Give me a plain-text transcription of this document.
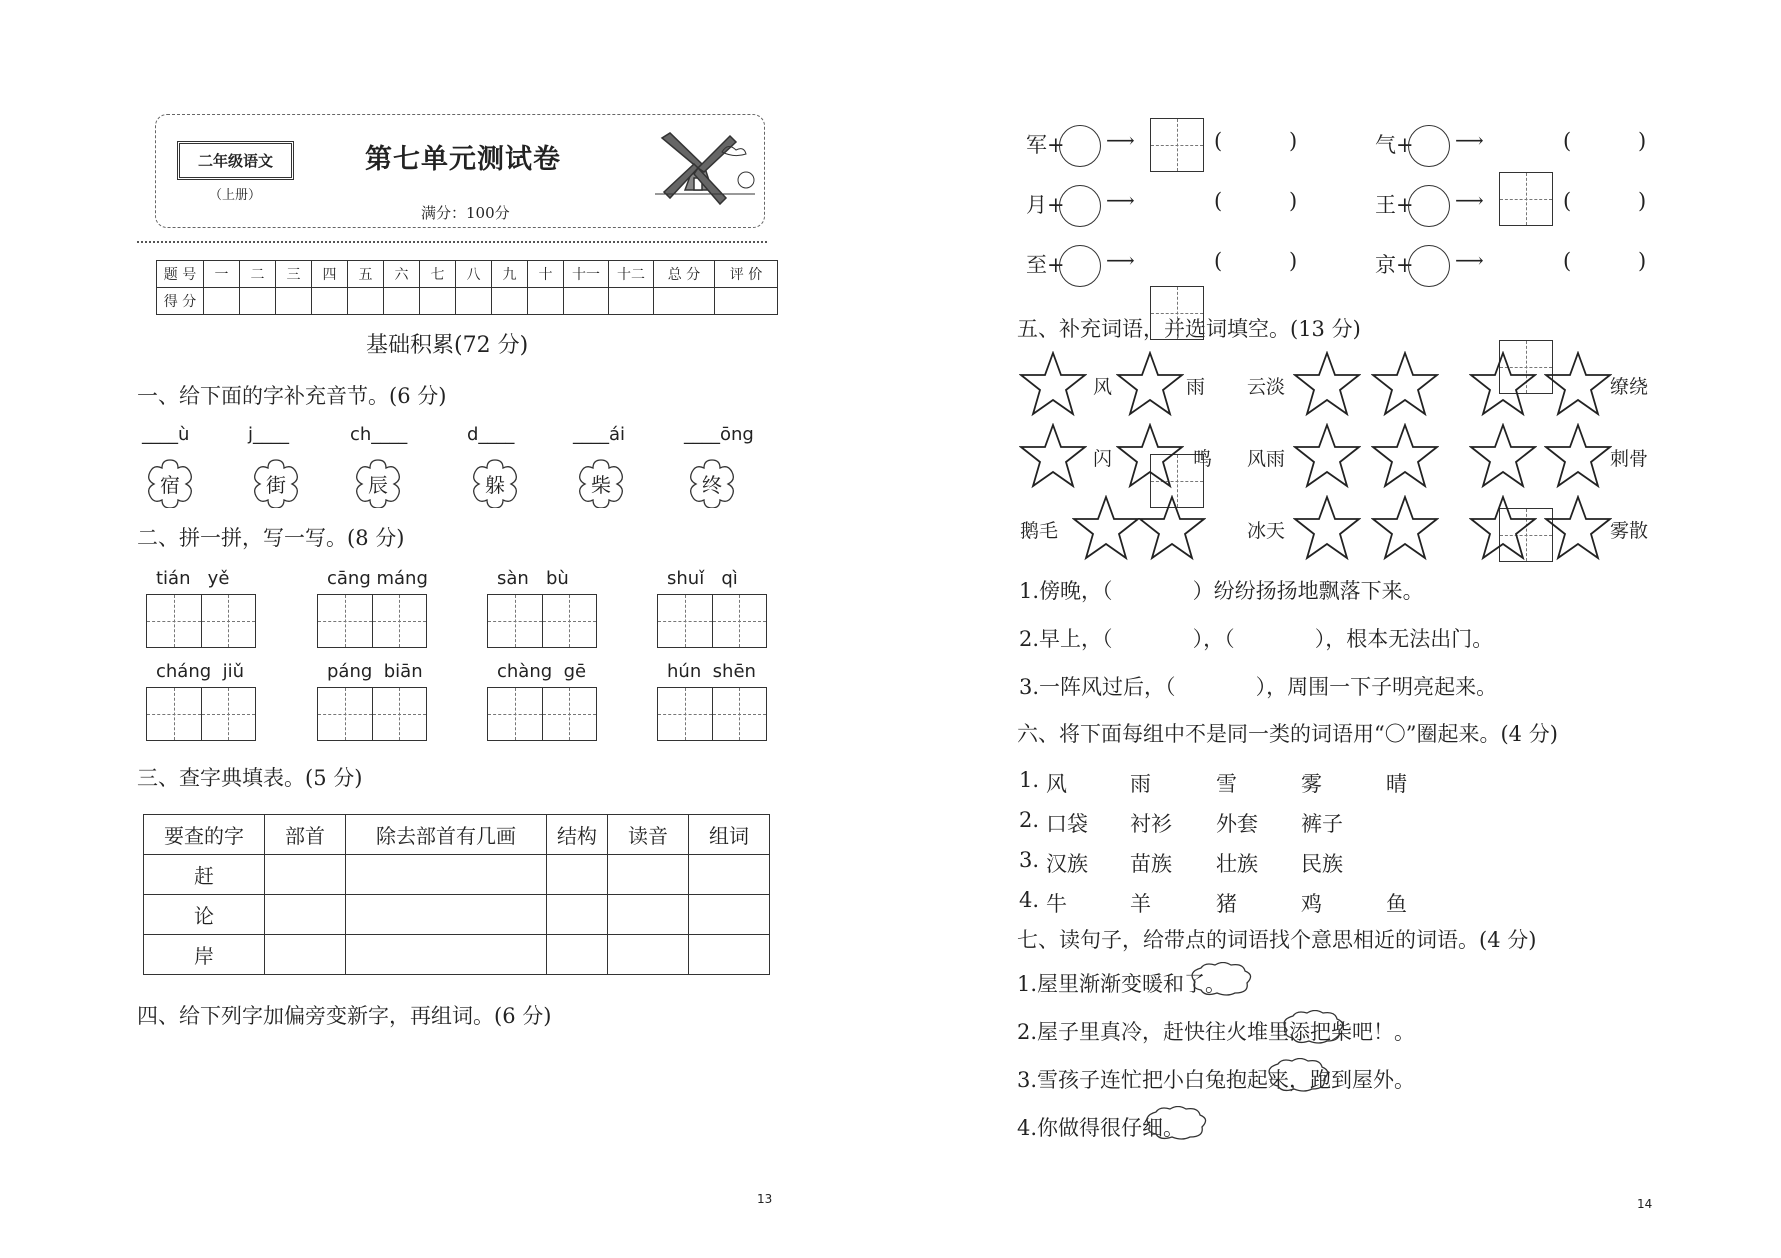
二年级语文
（上册）
第七单元测试卷
满分：100分
题 号	一	二	三	四	五	六	七	八	九	十	十一	十二	总 分	评 价
得 分														
基础积累(72 分)
一、给下面的字补充音节。(6 分)
二、拼一拼，写一写。(8 分)
三、查字典填表。(5 分)
要查的字	部首	除去部首有几画	结构	读音	组词
赶					
论					
岸					
四、给下列字加偏旁变新字，再组词。(6 分)
13
五、补充词语，并选词填空。(13 分)
六、将下面每组中不是同一类的词语用“〇”圈起来。(4 分)
七、读句子，给带点的词语找个意思相近的词语。(4 分)
14
____ù
宿
j____
街
ch____
辰
d____
躲
____ái
柴
____ōng
终
tián   yě	cāng máng	sàn   bù	shuǐ   qì
cháng  jiǔ	páng  biān	chàng  gē	hún  shēn
军+ ⟶	(          )	气+ ⟶	(          )
月+ ⟶	(          )	王+ ⟶	(          )
至+ ⟶	(          )	京+ ⟶	(          )
风	雨 云淡	缭绕
闪	鸣 风雨	刺骨
鹅毛	冰天	雾散
1.傍晚，（            ）纷纷扬扬地飘落下来。
2.早上，（            ），（            ），根本无法出门。
3.一阵风过后，（            ），周围一下子明亮起来。
1. 风	雨	雪	雾	晴
2. 口袋 衬衫 外套 裤子
3. 汉族 苗族 壮族 民族
4. 牛	羊	猪	鸡	鱼
1.屋里渐渐变暖和了。
2.屋子里真冷，赶快往火堆里添把柴吧！。
3.雪孩子连忙把小白兔抱起来，跑到屋外。
4.你做得很仔细。
